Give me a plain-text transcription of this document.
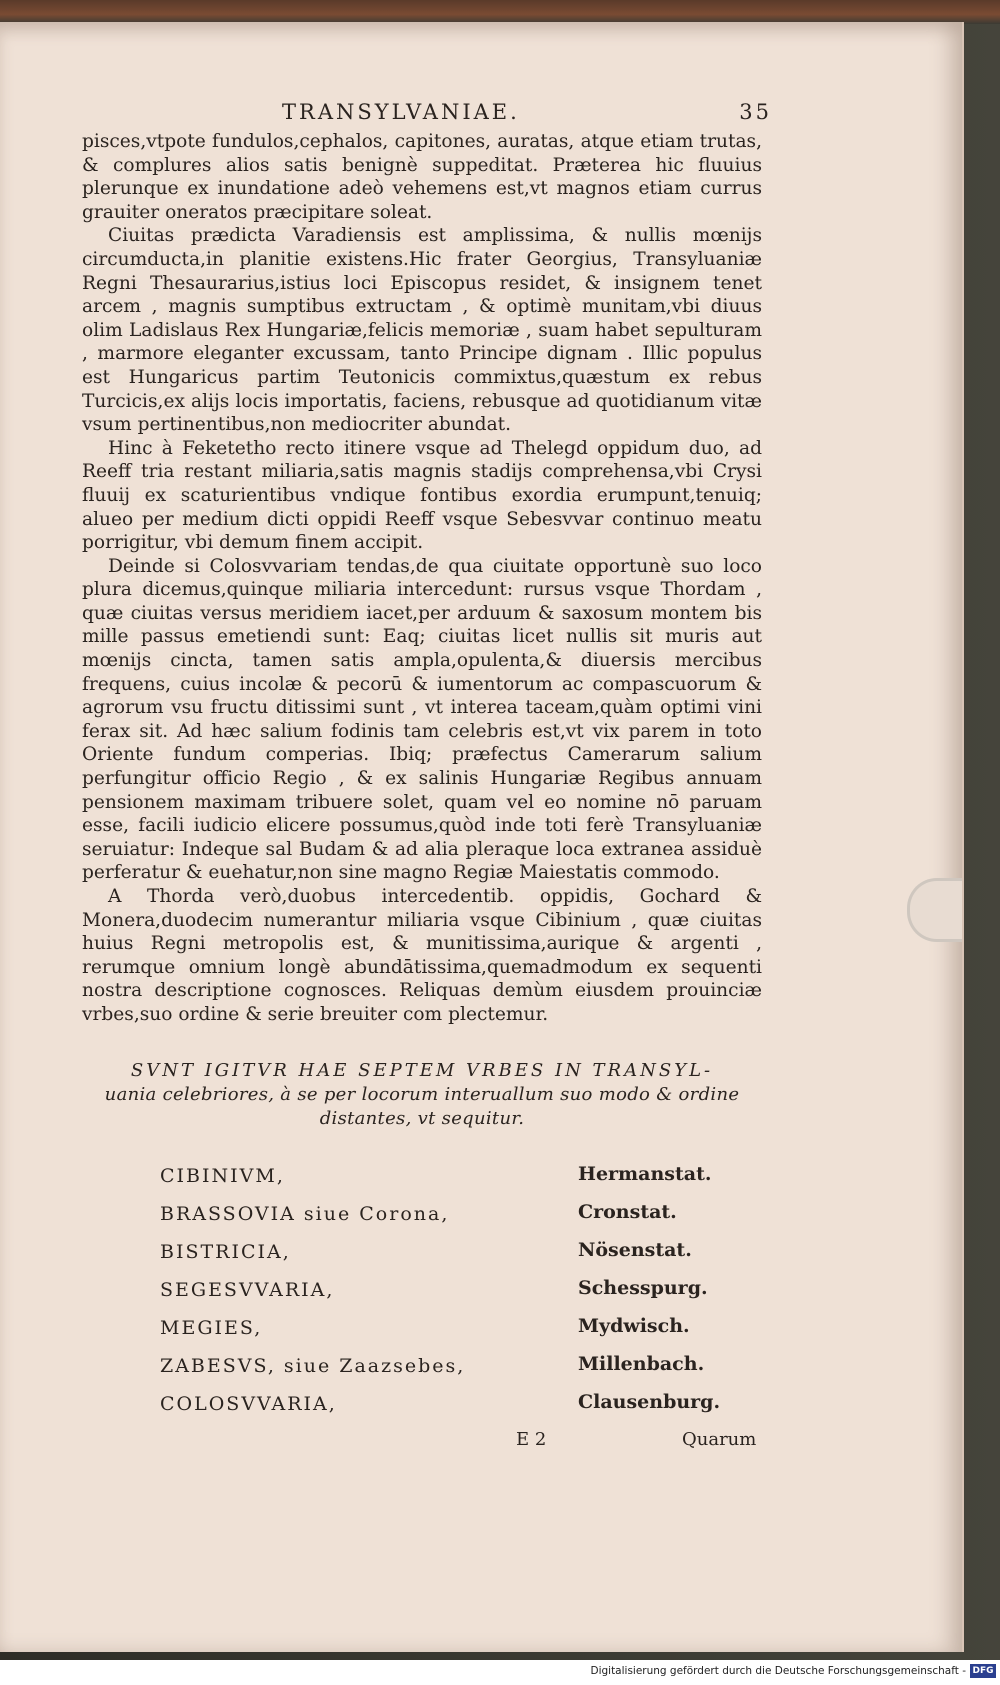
TRANSYLVANIAE.	35

pisces,vtpote fundulos,cephalos, capitones, auratas, atque etiam trutas, & complures alios satis benignè suppeditat. Præterea hic fluuius plerunque ex inundatione adeò vehemens est,vt magnos etiam currus grauiter oneratos præcipitare soleat.

Ciuitas prædicta Varadiensis est amplissima, & nullis mœnijs circumducta,in planitie existens.Hic frater Georgius, Transyluaniæ Regni Thesaurarius,istius loci Episcopus residet, & insignem tenet arcem , magnis sumptibus extructam , & optimè munitam,vbi diuus olim Ladislaus Rex Hungariæ,felicis memoriæ , suam habet sepulturam , marmore eleganter excussam, tanto Principe dignam . Illic populus est Hungaricus partim Teutonicis commixtus,quæstum ex rebus Turcicis,ex alijs locis importatis, faciens, rebusque ad quotidianum vitæ vsum pertinentibus,non mediocriter abundat.

Hinc à Feketetho recto itinere vsque ad Thelegd oppidum duo, ad Reeff tria restant miliaria,satis magnis stadijs comprehensa,vbi Crysi fluuij ex scaturientibus vndique fontibus exordia erumpunt,tenuiq; alueo per medium dicti oppidi Reeff vsque Sebesvvar continuo meatu porrigitur, vbi demum finem accipit.

Deinde si Colosvvariam tendas,de qua ciuitate opportunè suo loco plura dicemus,quinque miliaria intercedunt: rursus vsque Thordam , quæ ciuitas versus meridiem iacet,per arduum & saxosum montem bis mille passus emetiendi sunt: Eaq; ciuitas licet nullis sit muris aut mœnijs cincta, tamen satis ampla,opulenta,& diuersis mercibus frequens, cuius incolæ & pecorū & iumentorum ac compascuorum & agrorum vsu fructu ditissimi sunt , vt interea taceam,quàm optimi vini ferax sit. Ad hæc salium fodinis tam celebris est,vt vix parem in toto Oriente fundum comperias. Ibiq; præfectus Camerarum salium perfungitur officio Regio , & ex salinis Hungariæ Regibus annuam pensionem maximam tribuere solet, quam vel eo nomine nō paruam esse, facili iudicio elicere possumus,quòd inde toti ferè Transyluaniæ seruiatur: Indeque sal Budam & ad alia pleraque loca extranea assiduè perferatur & euehatur,non sine magno Regiæ Maiestatis commodo.

A Thorda verò,duobus intercedentib. oppidis, Gochard & Monera,duodecim numerantur miliaria vsque Cibinium , quæ ciuitas huius Regni metropolis est, & munitissima,aurique & argenti , rerumque omnium longè abundātissima,quemadmodum ex sequenti nostra descriptione cognosces. Reliquas demùm eiusdem prouinciæ vrbes,suo ordine & serie breuiter com plectemur.

SVNT IGITVR HAE SEPTEM VRBES IN TRANSYL-
uania celebriores, à se per locorum interuallum suo modo & ordine
distantes, vt sequitur.
CIBINIVM,	Hermanstat.
BRASSOVIA siue Corona,	Cronstat.
BISTRICIA,	Nösenstat.
SEGESVVARIA,	Schesspurg.
MEGIES,	Mydwisch.
ZABESVS, siue Zaazsebes,	Millenbach.
COLOSVVARIA,	Clausenburg.
E 2	Quarum
Digitalisierung gefördert durch die Deutsche Forschungsgemeinschaft - DFG
